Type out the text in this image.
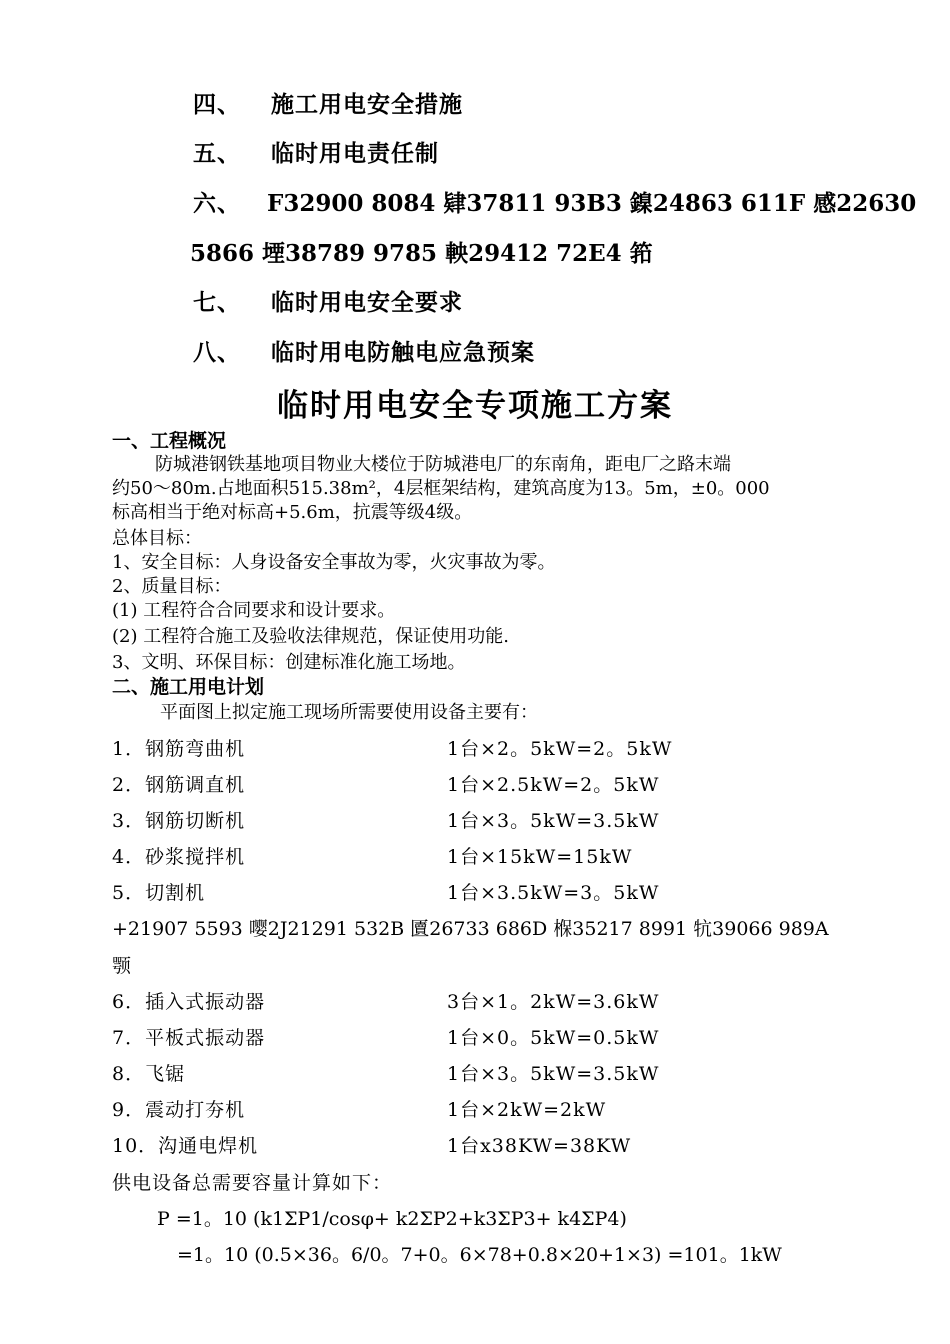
四、 施工用电安全措施
五、 临时用电责任制
六、 F32900 8084 肄37811 93B3 鎳24863 611F 感22630
5866 堙38789 9785 軮29412 72E4 筘
七、 临时用电安全要求
八、 临时用电防触电应急预案
临时用电安全专项施工方案
一、工程概况
防城港钢铁基地项目物业大楼位于防城港电厂的东南角，距电厂之路末端
约50～80m.占地面积515.38m²，4层框架结构，建筑高度为13。5m，±0。000
标高相当于绝对标高+5.6m，抗震等级4级。
总体目标：
1、安全目标：人身设备安全事故为零，火灾事故为零。
2、质量目标：
(1) 工程符合合同要求和设计要求。
(2) 工程符合施工及验收法律规范，保证使用功能.
3、文明、环保目标：创建标准化施工场地。
二、施工用电计划
平面图上拟定施工现场所需要使用设备主要有：
1．钢筋弯曲机	1台×2。5kW=2。5kW
2．钢筋调直机	1台×2.5kW=2。5kW
3．钢筋切断机	1台×3。5kW=3.5kW
4．砂浆搅拌机	1台×15kW=15kW
5．切割机	1台×3.5kW=3。5kW
+21907 5593 嘤2J21291 532B 匵26733 686D 椺35217 8991 牨39066 989A
颚
6．插入式振动器	3台×1。2kW=3.6kW
7．平板式振动器	1台×0。5kW=0.5kW
8．飞锯	1台×3。5kW=3.5kW
9．震动打夯机	1台×2kW=2kW
10．沟通电焊机	1台x38KW=38KW
供电设备总需要容量计算如下：
P =1。10 (k1ΣP1/cosφ+ k2ΣP2+k3ΣP3+ k4ΣP4)
=1。10 (0.5×36。6/0。7+0。6×78+0.8×20+1×3) =101。1kW
